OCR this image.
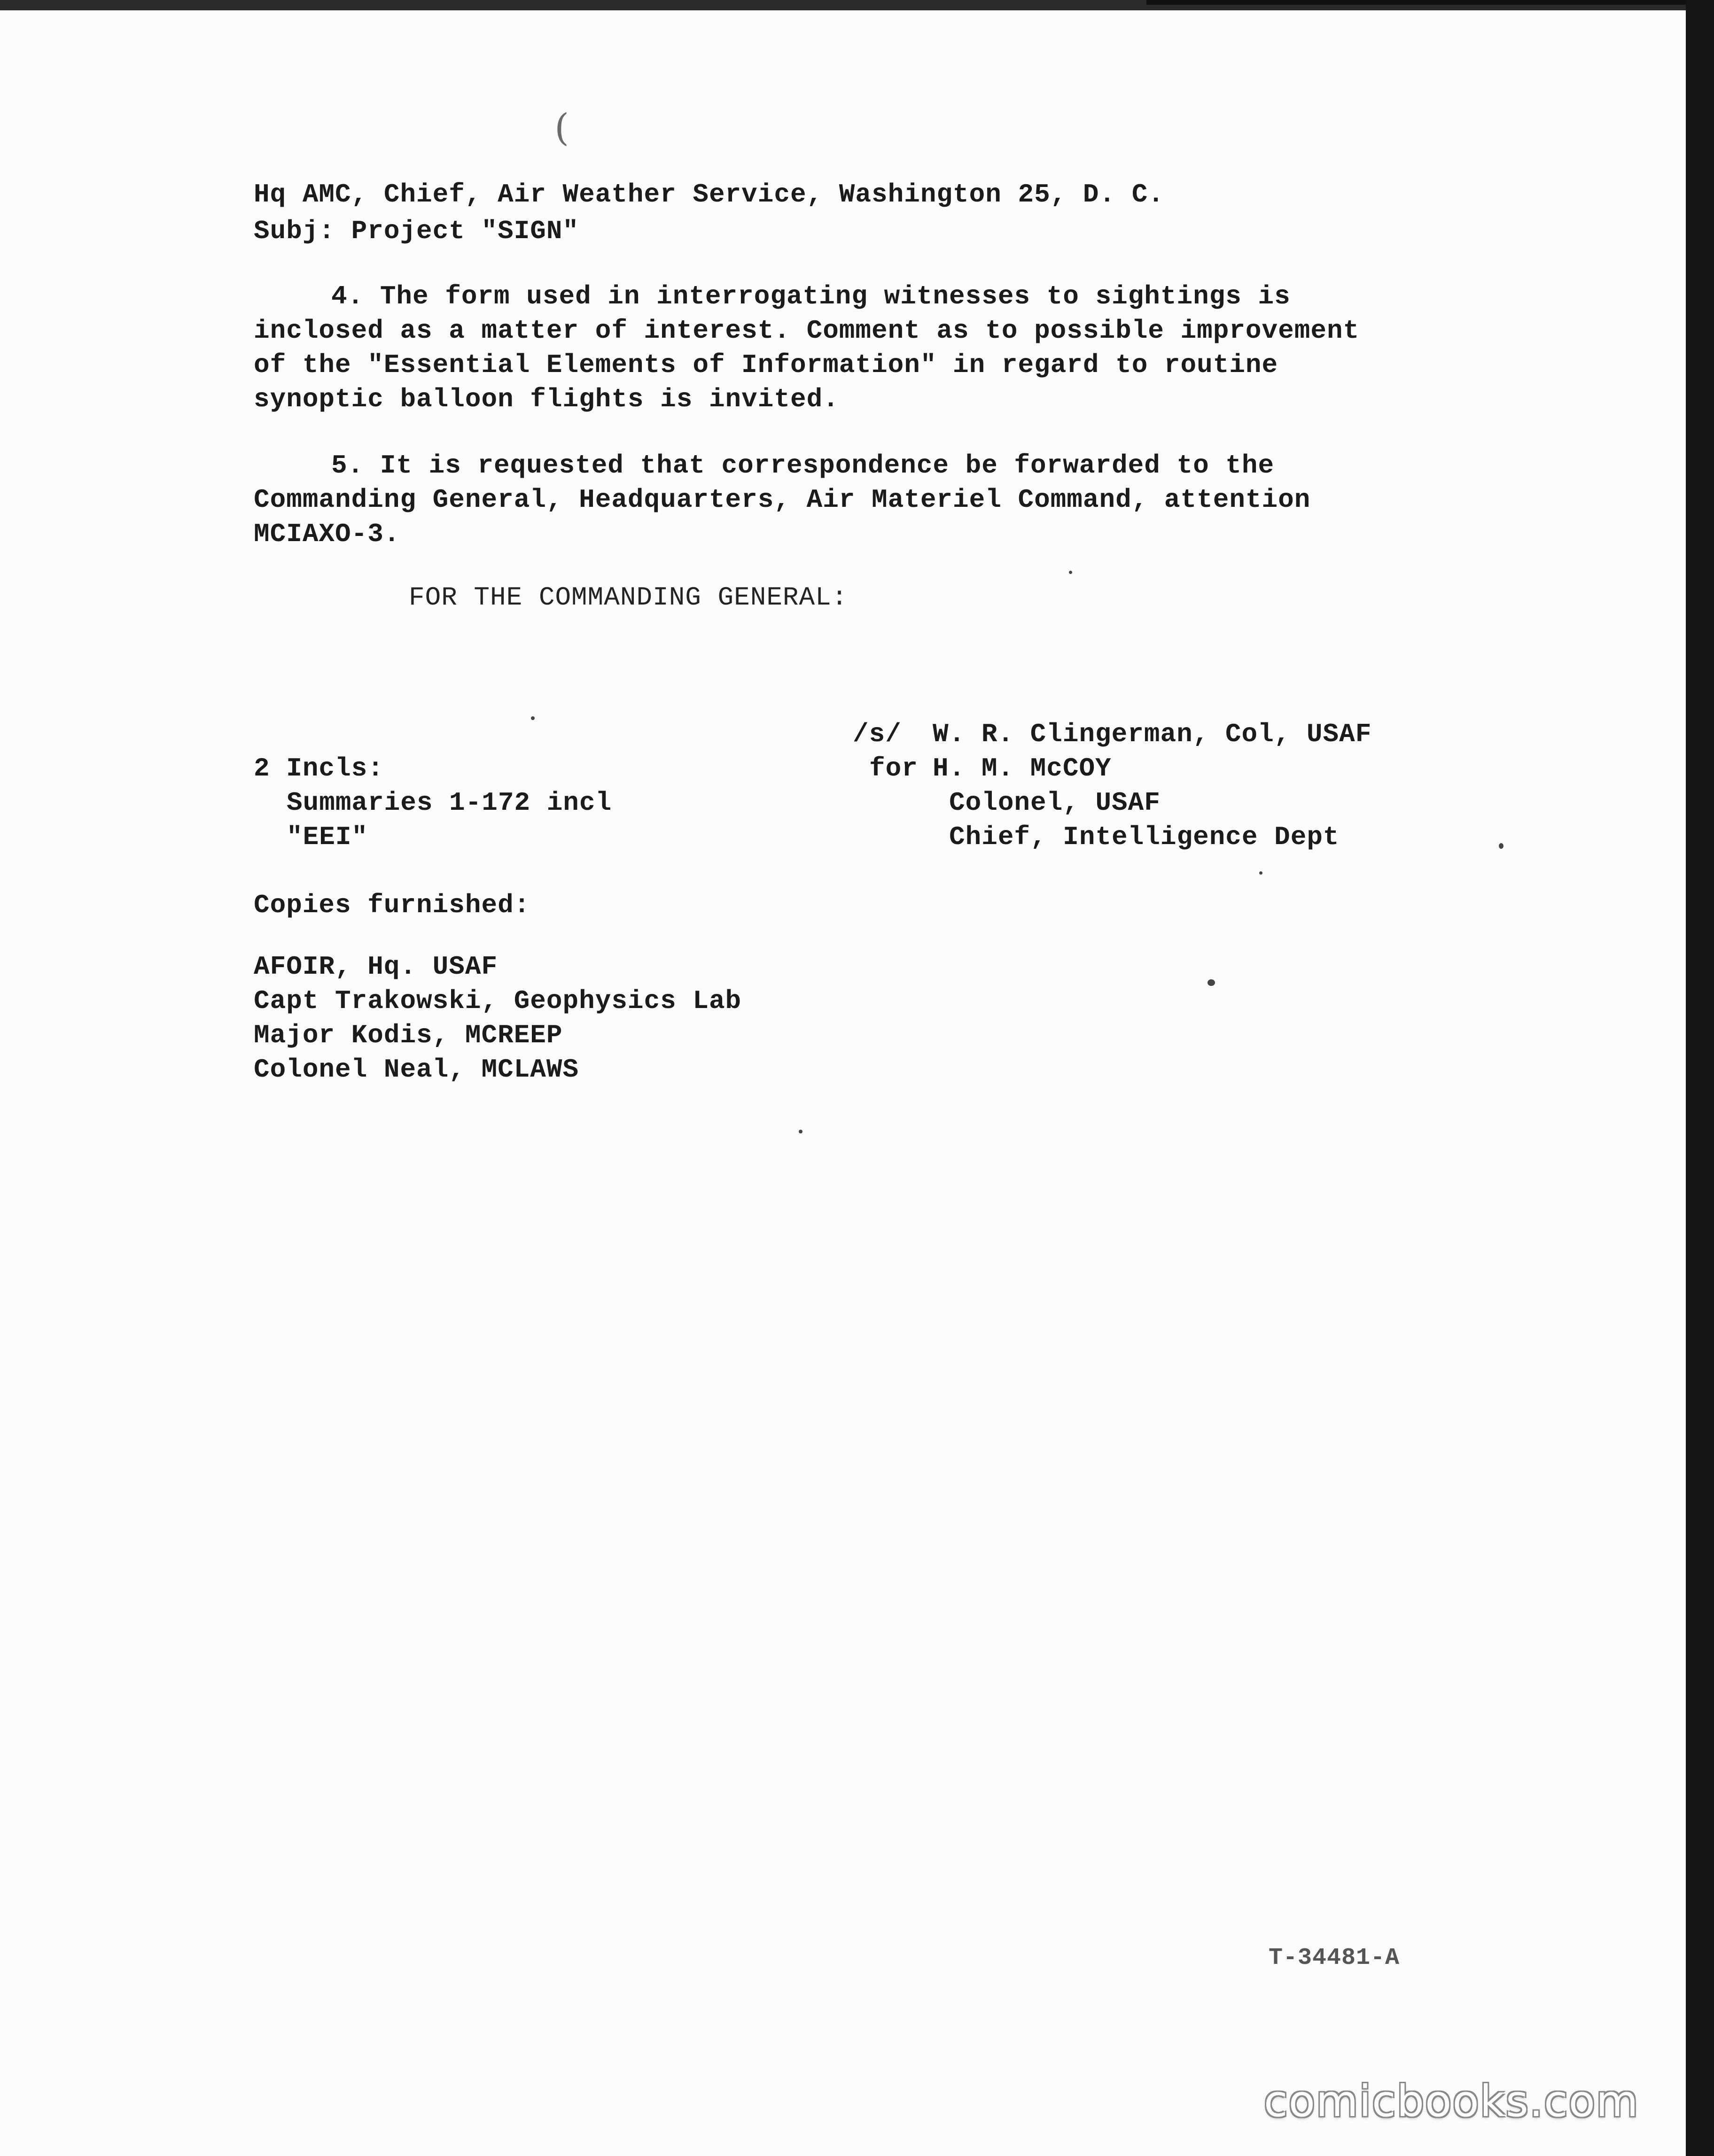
(
Hq AMC, Chief, Air Weather Service, Washington 25, D. C.
Subj: Project "SIGN"
4. The form used in interrogating witnesses to sightings is
inclosed as a matter of interest. Comment as to possible improvement
of the "Essential Elements of Information" in regard to routine
synoptic balloon flights is invited.
5. It is requested that correspondence be forwarded to the
Commanding General, Headquarters, Air Materiel Command, attention
MCIAXO-3.
FOR THE COMMANDING GENERAL:
/s/ W. R. Clingerman, Col, USAF
for H. M. McCOY
Colonel, USAF
Chief, Intelligence Dept
2 Incls:
Summaries 1-172 incl
"EEI"
Copies furnished:
AFOIR, Hq. USAF
Capt Trakowski, Geophysics Lab
Major Kodis, MCREEP
Colonel Neal, MCLAWS
T-34481-A
comicbooks.com
